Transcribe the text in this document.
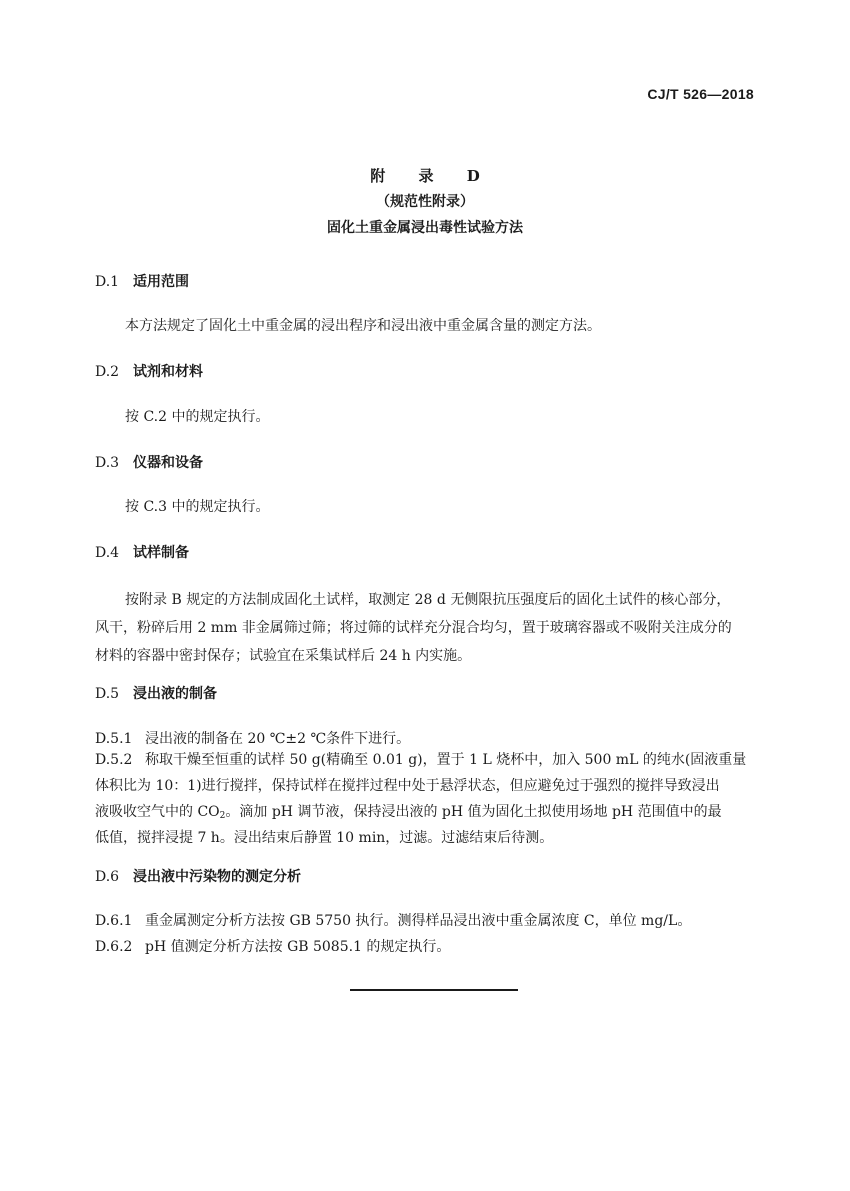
CJ/T 526—2018
附 录 D
（规范性附录）
固化土重金属浸出毒性试验方法
D.1 适用范围
本方法规定了固化土中重金属的浸出程序和浸出液中重金属含量的测定方法。
D.2 试剂和材料
按 C.2 中的规定执行。
D.3 仪器和设备
按 C.3 中的规定执行。
D.4 试样制备
按附录 B 规定的方法制成固化土试样，取测定 28 d 无侧限抗压强度后的固化土试件的核心部分，
风干，粉碎后用 2 mm 非金属筛过筛；将过筛的试样充分混合均匀，置于玻璃容器或不吸附关注成分的
材料的容器中密封保存；试验宜在采集试样后 24 h 内实施。
D.5 浸出液的制备
D.5.1 浸出液的制备在 20 ℃±2 ℃条件下进行。
D.5.2 称取干燥至恒重的试样 50 g(精确至 0.01 g)，置于 1 L 烧杯中，加入 500 mL 的纯水(固液重量
体积比为 10：1)进行搅拌，保持试样在搅拌过程中处于悬浮状态，但应避免过于强烈的搅拌导致浸出
液吸收空气中的 $CO_2$。滴加 pH 调节液，保持浸出液的 pH 值为固化土拟使用场地 pH 范围值中的最
低值，搅拌浸提 7 h。浸出结束后静置 10 min，过滤。过滤结束后待测。
D.6 浸出液中污染物的测定分析
D.6.1 重金属测定分析方法按 GB 5750 执行。测得样品浸出液中重金属浓度 C，单位 mg/L。
D.6.2 pH 值测定分析方法按 GB 5085.1 的规定执行。
